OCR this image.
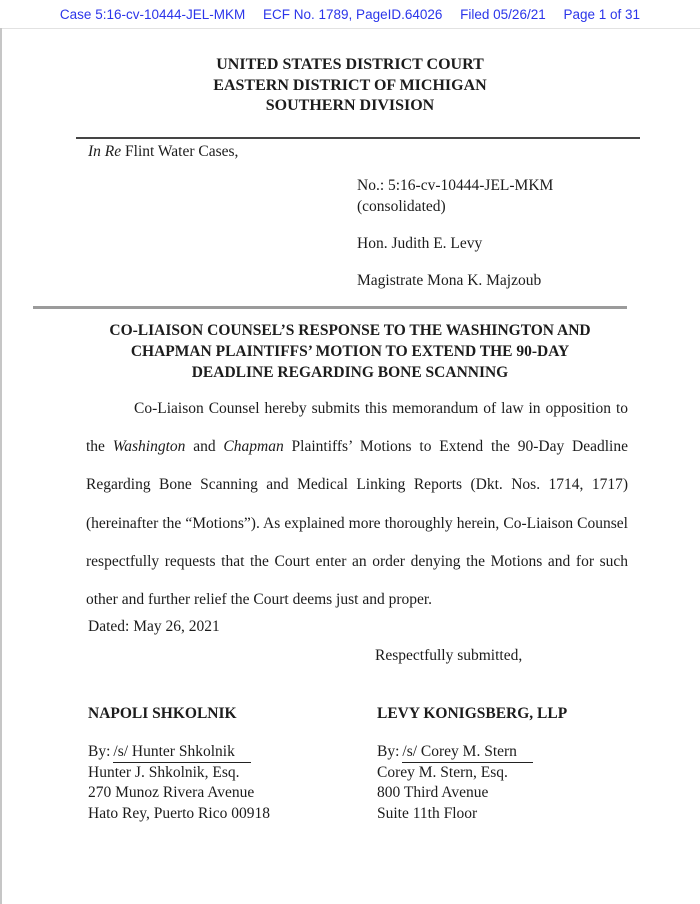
Case 5:16-cv-10444-JEL-MKM ECF No. 1789, PageID.64026 Filed 05/26/21 Page 1 of 31
UNITED STATES DISTRICT COURT
EASTERN DISTRICT OF MICHIGAN
SOUTHERN DIVISION
In Re Flint Water Cases,
No.: 5:16-cv-10444-JEL-MKM
(consolidated)
Hon. Judith E. Levy
Magistrate Mona K. Majzoub
CO-LIAISON COUNSEL’S RESPONSE TO THE WASHINGTON AND
CHAPMAN PLAINTIFFS’ MOTION TO EXTEND THE 90-DAY
DEADLINE REGARDING BONE SCANNING
Co-Liaison Counsel hereby submits this memorandum of law in opposition to the Washington and Chapman Plaintiffs’ Motions to Extend the 90-Day Deadline Regarding Bone Scanning and Medical Linking Reports (Dkt. Nos. 1714, 1717) (hereinafter the “Motions”). As explained more thoroughly herein, Co-Liaison Counsel respectfully requests that the Court enter an order denying the Motions and for such other and further relief the Court deems just and proper.
Dated: May 26, 2021
Respectfully submitted,
NAPOLI SHKOLNIK
By: /s/ Hunter Shkolnik
Hunter J. Shkolnik, Esq.
270 Munoz Rivera Avenue
Hato Rey, Puerto Rico 00918
LEVY KONIGSBERG, LLP
By: /s/ Corey M. Stern
Corey M. Stern, Esq.
800 Third Avenue
Suite 11th Floor
